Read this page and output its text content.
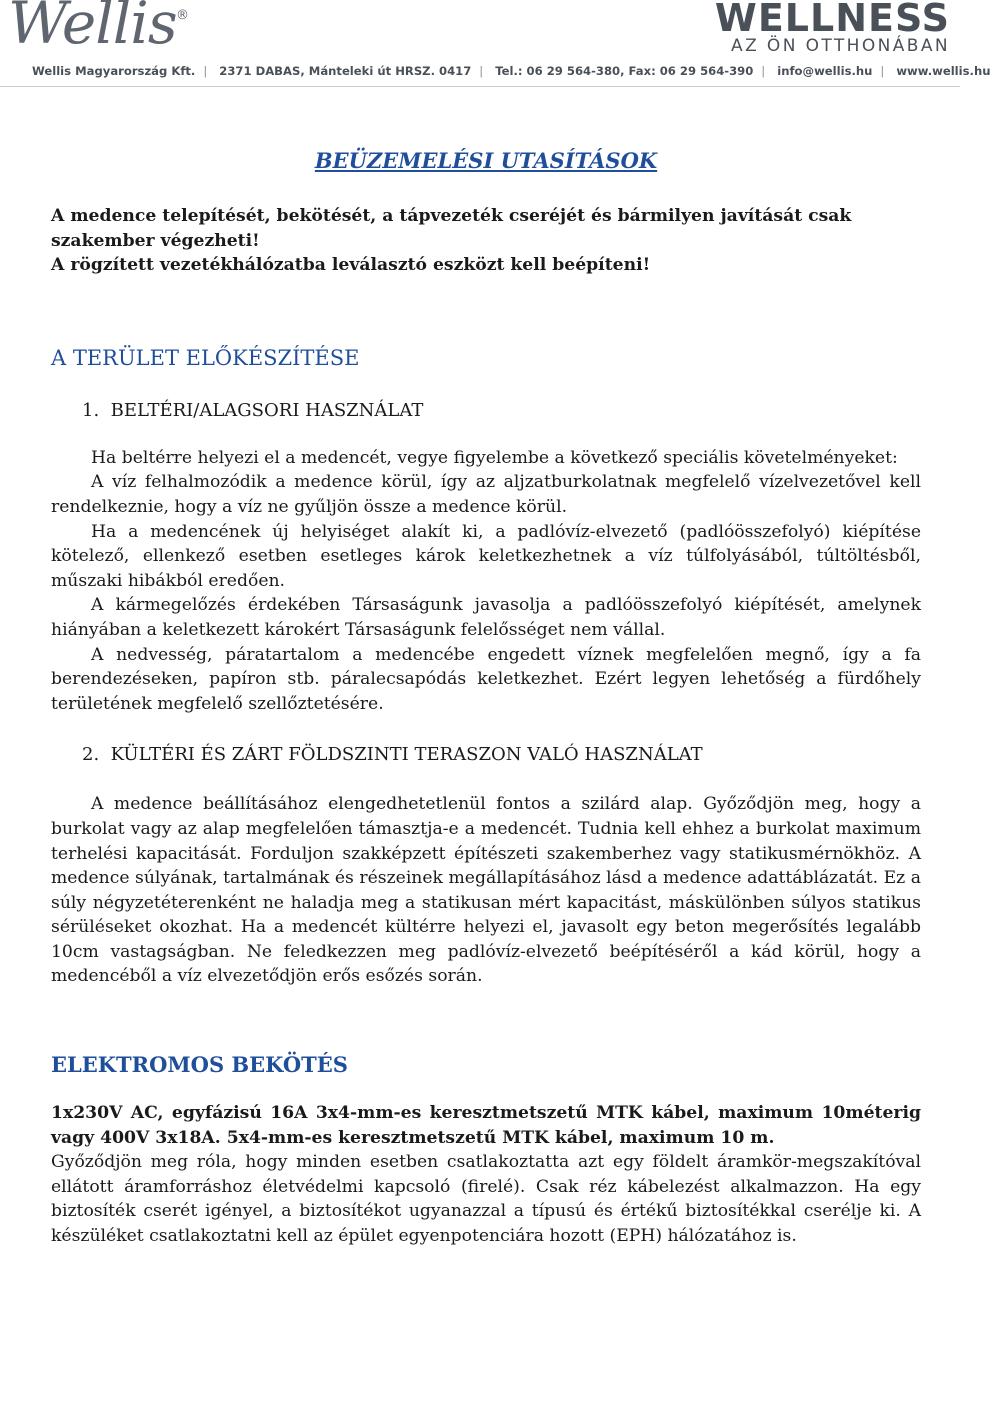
Wellis ®	WELLNESS
AZ ÖN OTTHONÁBAN
Wellis Magyarország Kft. | 2371 DABAS, Mánteleki út HRSZ. 0417 | Tel.: 06 29 564-380, Fax: 06 29 564-390 | info@wellis.hu | www.wellis.hu

BEÜZEMELÉSI UTASÍTÁSOK

A medence telepítését, bekötését, a tápvezeték cseréjét és bármilyen javítását csak szakember végezheti!

A rögzített vezetékhálózatba leválasztó eszközt kell beépíteni!

A TERÜLET ELŐKÉSZÍTÉSE

1.  BELTÉRI/ALAGSORI HASZNÁLAT

Ha beltérre helyezi el a medencét, vegye figyelembe a következő speciális követelményeket:

A víz felhalmozódik a medence körül, így az aljzatburkolatnak megfelelő vízelvezetővel kell rendelkeznie, hogy a víz ne gyűljön össze a medence körül.

Ha a medencének új helyiséget alakít ki, a padlóvíz-elvezető (padlóösszefolyó) kiépítése kötelező, ellenkező esetben esetleges károk keletkezhetnek a víz túlfolyásából, túltöltésből, műszaki hibákból eredően.

A kármegelőzés érdekében Társaságunk javasolja a padlóösszefolyó kiépítését, amelynek hiányában a keletkezett károkért Társaságunk felelősséget nem vállal.

A nedvesség, páratartalom a medencébe engedett víznek megfelelően megnő, így a fa berendezéseken, papíron stb. páralecsapódás keletkezhet. Ezért legyen lehetőség a fürdőhely területének megfelelő szellőztetésére.

2.  KÜLTÉRI ÉS ZÁRT FÖLDSZINTI TERASZON VALÓ HASZNÁLAT

A medence beállításához elengedhetetlenül fontos a szilárd alap. Győződjön meg, hogy a burkolat vagy az alap megfelelően támasztja-e a medencét. Tudnia kell ehhez a burkolat maximum terhelési kapacitását. Forduljon szakképzett építészeti szakemberhez vagy statikusmérnökhöz. A medence súlyának, tartalmának és részeinek megállapításához lásd a medence adattáblázatát. Ez a súly négyzetéterenként ne haladja meg a statikusan mért kapacitást, máskülönben súlyos statikus sérüléseket okozhat. Ha a medencét kültérre helyezi el, javasolt egy beton megerősítés legalább 10cm vastagságban. Ne feledkezzen meg padlóvíz-elvezető beépítéséről a kád körül, hogy a medencéből a víz elvezetődjön erős esőzés során.

ELEKTROMOS BEKÖTÉS

1x230V AC, egyfázisú 16A 3x4-mm-es keresztmetszetű MTK kábel, maximum 10méterig vagy 400V 3x18A. 5x4-mm-es keresztmetszetű MTK kábel, maximum 10 m.

Győződjön meg róla, hogy minden esetben csatlakoztatta azt egy földelt áramkör-megszakítóval ellátott áramforráshoz életvédelmi kapcsoló (firelé). Csak réz kábelezést alkalmazzon. Ha egy biztosíték cserét igényel, a biztosítékot ugyanazzal a típusú és értékű biztosítékkal cserélje ki. A készüléket csatlakoztatni kell az épület egyenpotenciára hozott (EPH) hálózatához is.
